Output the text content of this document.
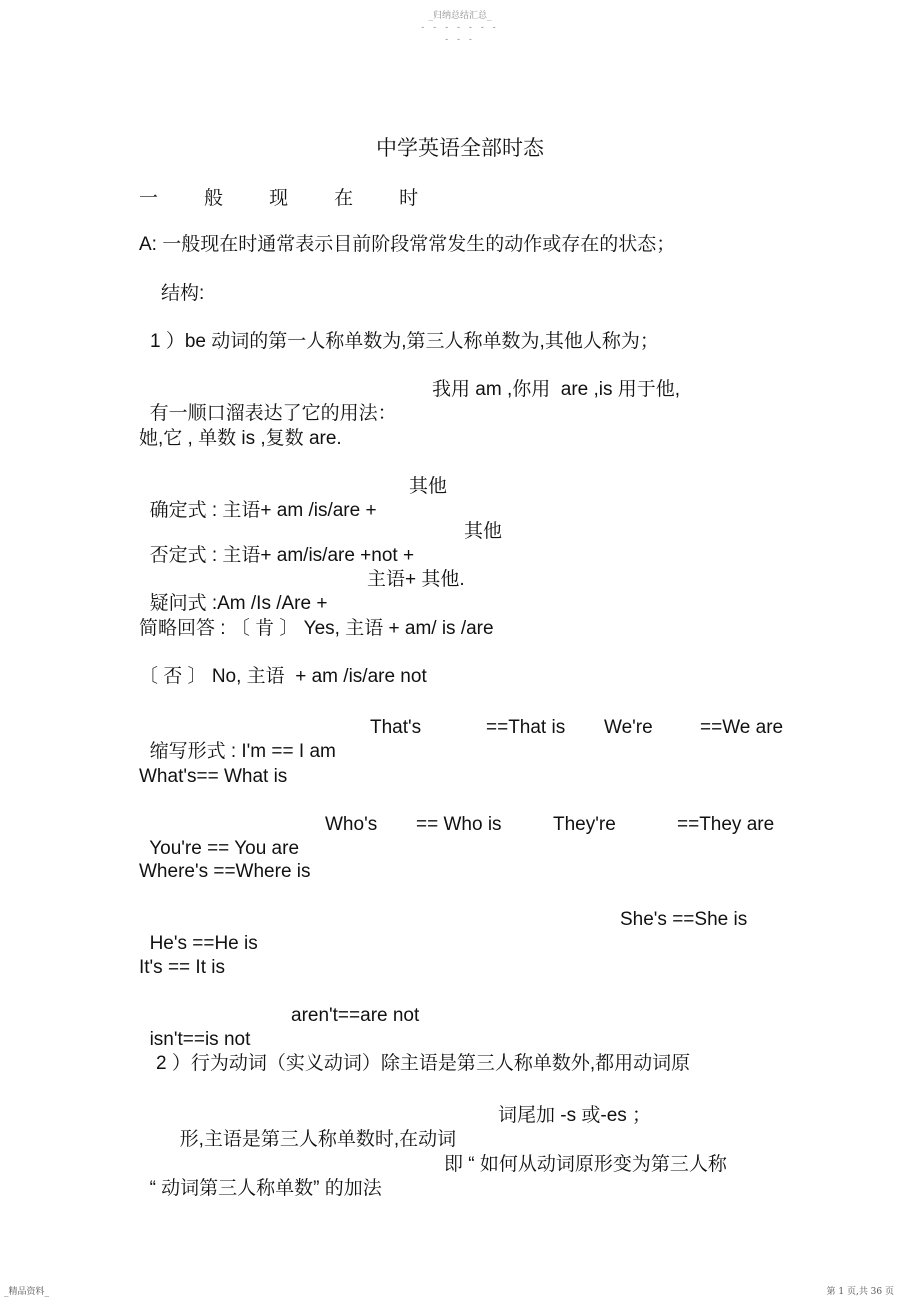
_归纳总结汇总_
- - - - - - -
- - -
中学英语全部时态
一 般 现 在 时
A: 一般现在时通常表示目前阶段常常发生的动作或存在的状态；
结构:
1 ）be 动词的第一人称单数为,第三人称单数为,其他人称为；

有一顺口溜表达了它的用法：

我用 am ,你用  are ,is 用于他,

她,它 , 单数 is ,复数 are.

确定式 : 主语+ am /is/are +

其他

否定式 : 主语+ am/is/are +not +

其他

疑问式 :Am /Is /Are +

主语+ 其他.

简略回答 : 〔 肯 〕 Yes, 主语 + am/ is /are
〔 否 〕 No, 主语  + am /is/are not

缩写形式 : I'm == I am

That's

	==That is

We're

==We are

What's== What is

You're == You are

Who's

== Who is

	They're

	==They are

Where's ==Where is

He's ==He is

She's ==She is

It's == It is

isn't==is not

aren't==are not

2 ）行为动词（实义动词）除主语是第三人称单数外,都用动词原

形,主语是第三人称单数时,在动词

词尾加 -s 或-es ；

“ 动词第三人称单数” 的加法

即 “ 如何从动词原形变为第三人称

_精品资料_	第 1 页,共 36 页
